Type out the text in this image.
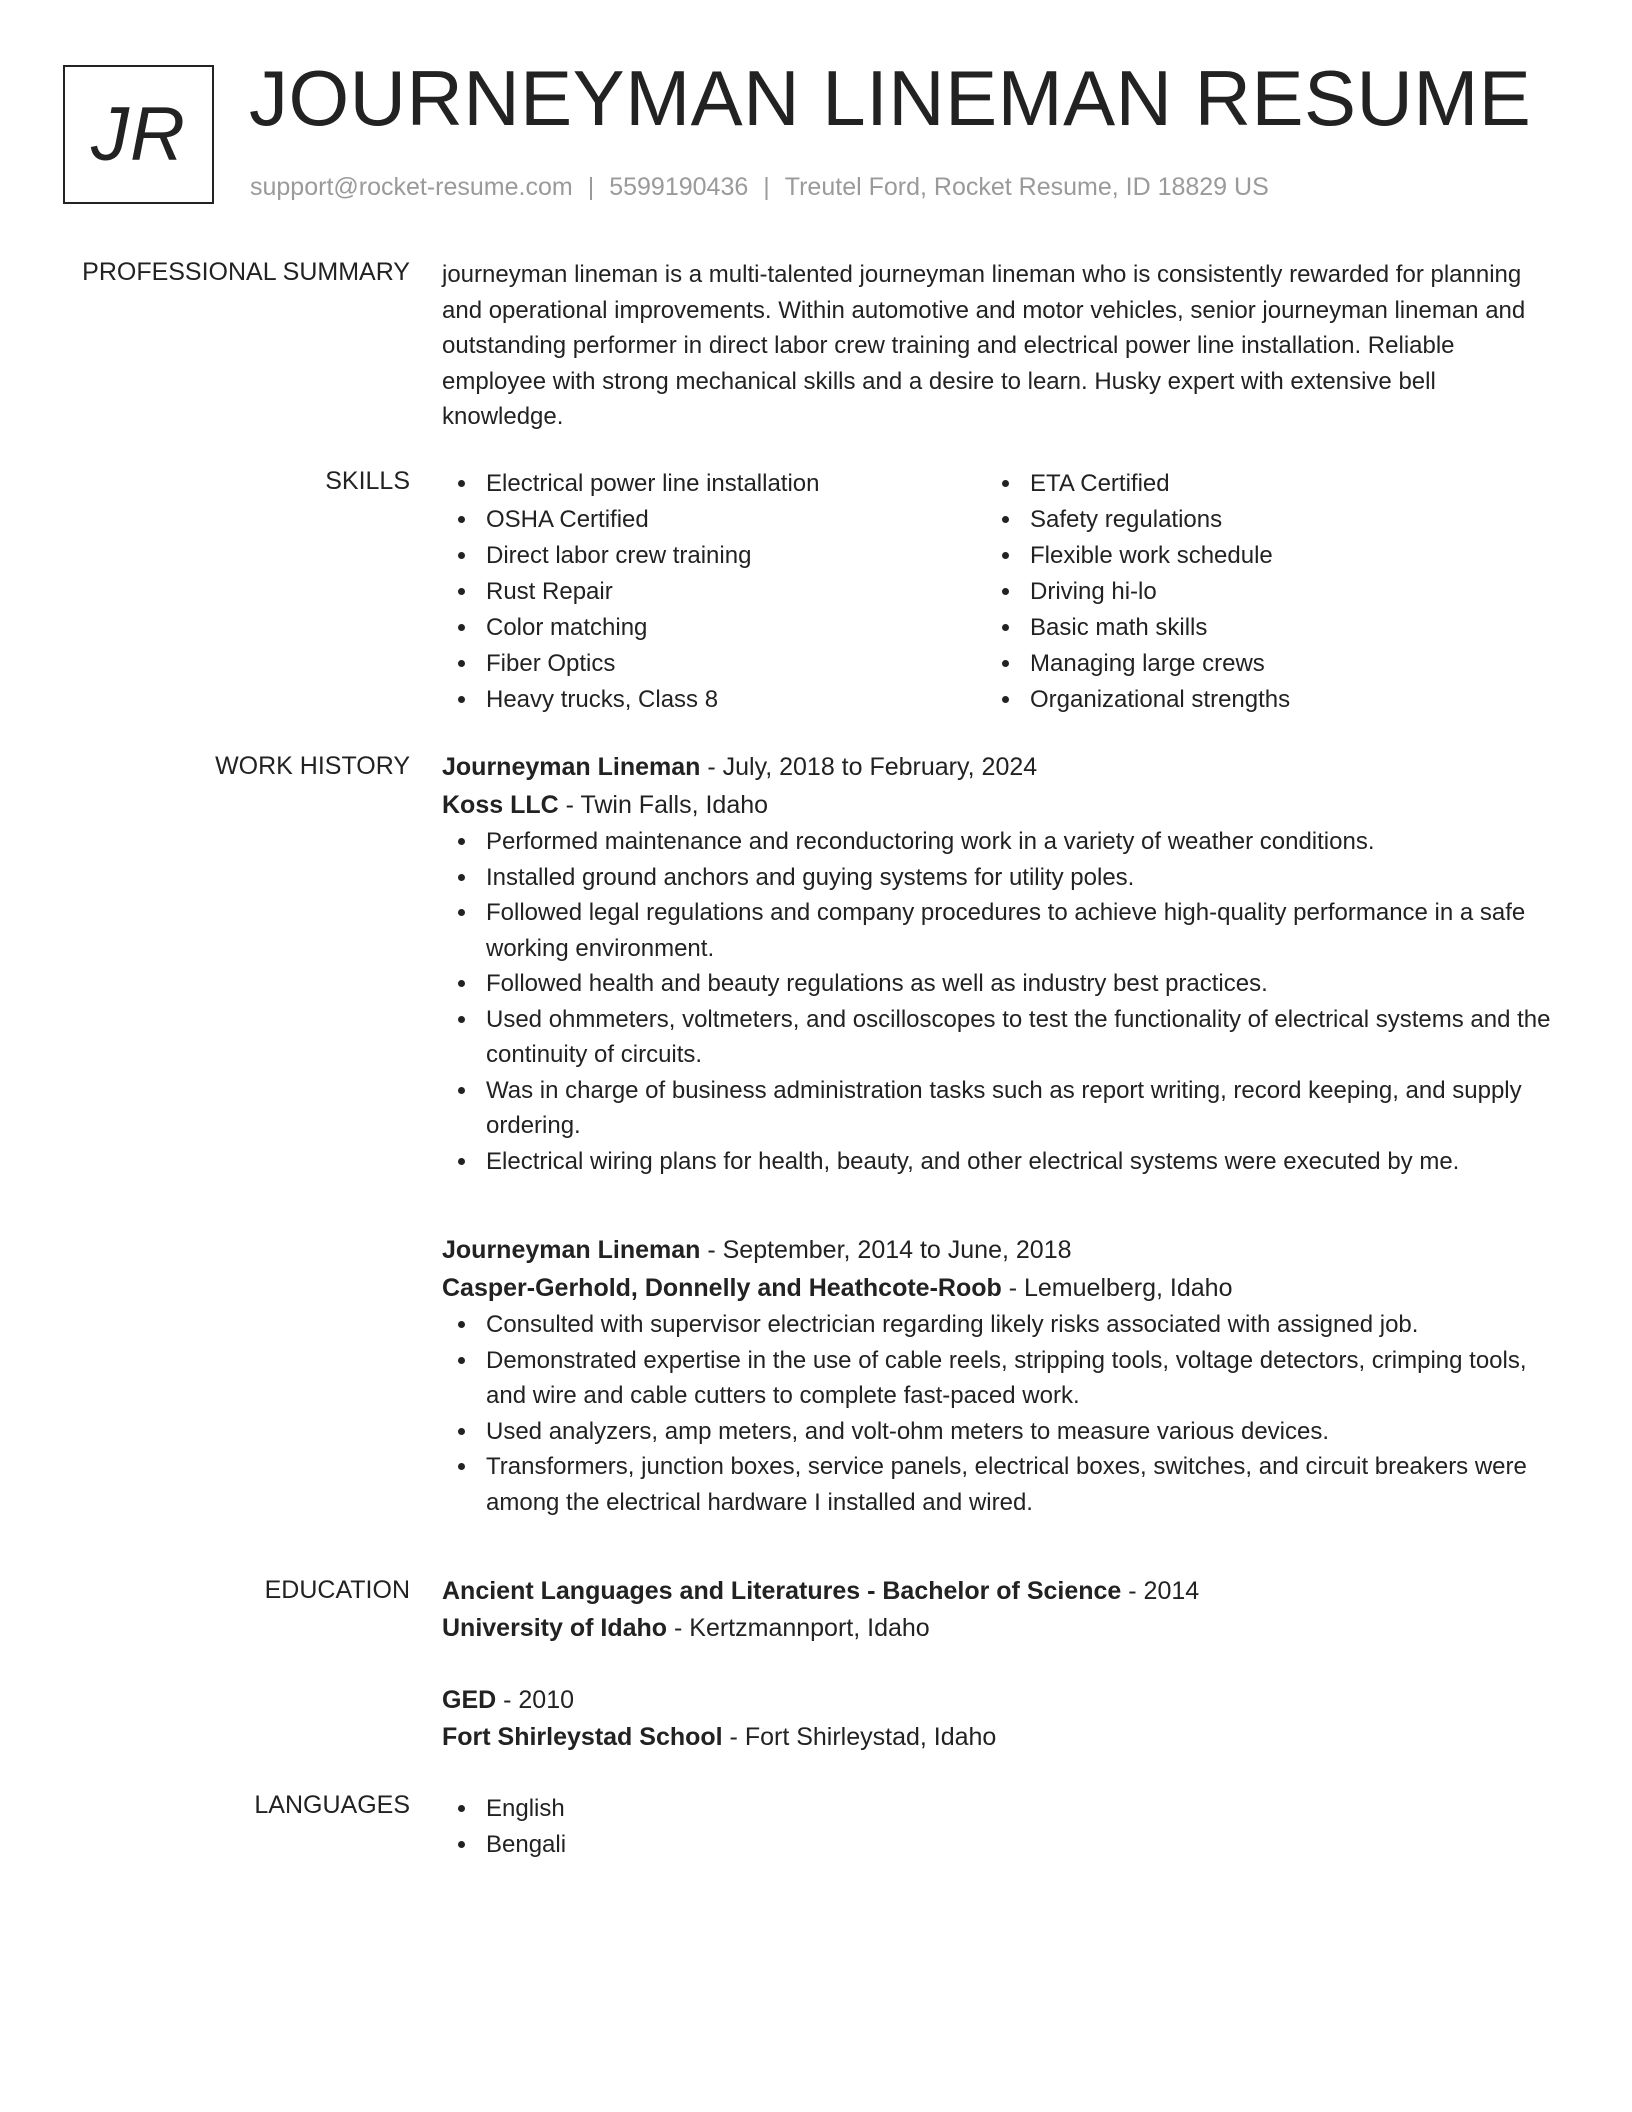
JR JOURNEYMAN LINEMAN RESUME
support@rocket-resume.com | 5599190436 | Treutel Ford, Rocket Resume, ID 18829 US
PROFESSIONAL SUMMARY journeyman lineman is a multi-talented journeyman lineman who is consistently rewarded for planning and operational improvements. Within automotive and motor vehicles, senior journeyman lineman and outstanding performer in direct labor crew training and electrical power line installation. Reliable employee with strong mechanical skills and a desire to learn. Husky expert with extensive bell knowledge.

SKILLS	Electrical power line installation
OSHA Certified
Direct labor crew training
Rust Repair
Color matching
Fiber Optics
Heavy trucks, Class 8
ETA Certified
Safety regulations
Flexible work schedule
Driving hi-lo
Basic math skills
Managing large crews
Organizational strengths
WORK HISTORY Journeyman Lineman - July, 2018 to February, 2024
Koss LLC - Twin Falls, Idaho
Performed maintenance and reconductoring work in a variety of weather conditions.
Installed ground anchors and guying systems for utility poles.
Followed legal regulations and company procedures to achieve high-quality performance in a safe working environment.
Followed health and beauty regulations as well as industry best practices.
Used ohmmeters, voltmeters, and oscilloscopes to test the functionality of electrical systems and the continuity of circuits.
Was in charge of business administration tasks such as report writing, record keeping, and supply ordering.
Electrical wiring plans for health, beauty, and other electrical systems were executed by me.
Journeyman Lineman - September, 2014 to June, 2018
Casper-Gerhold, Donnelly and Heathcote-Roob - Lemuelberg, Idaho
Consulted with supervisor electrician regarding likely risks associated with assigned job.
Demonstrated expertise in the use of cable reels, stripping tools, voltage detectors, crimping tools, and wire and cable cutters to complete fast-paced work.
Used analyzers, amp meters, and volt-ohm meters to measure various devices.
Transformers, junction boxes, service panels, electrical boxes, switches, and circuit breakers were among the electrical hardware I installed and wired.
EDUCATION Ancient Languages and Literatures - Bachelor of Science - 2014
University of Idaho - Kertzmannport, Idaho
GED - 2010
Fort Shirleystad School - Fort Shirleystad, Idaho
LANGUAGES	English
Bengali
